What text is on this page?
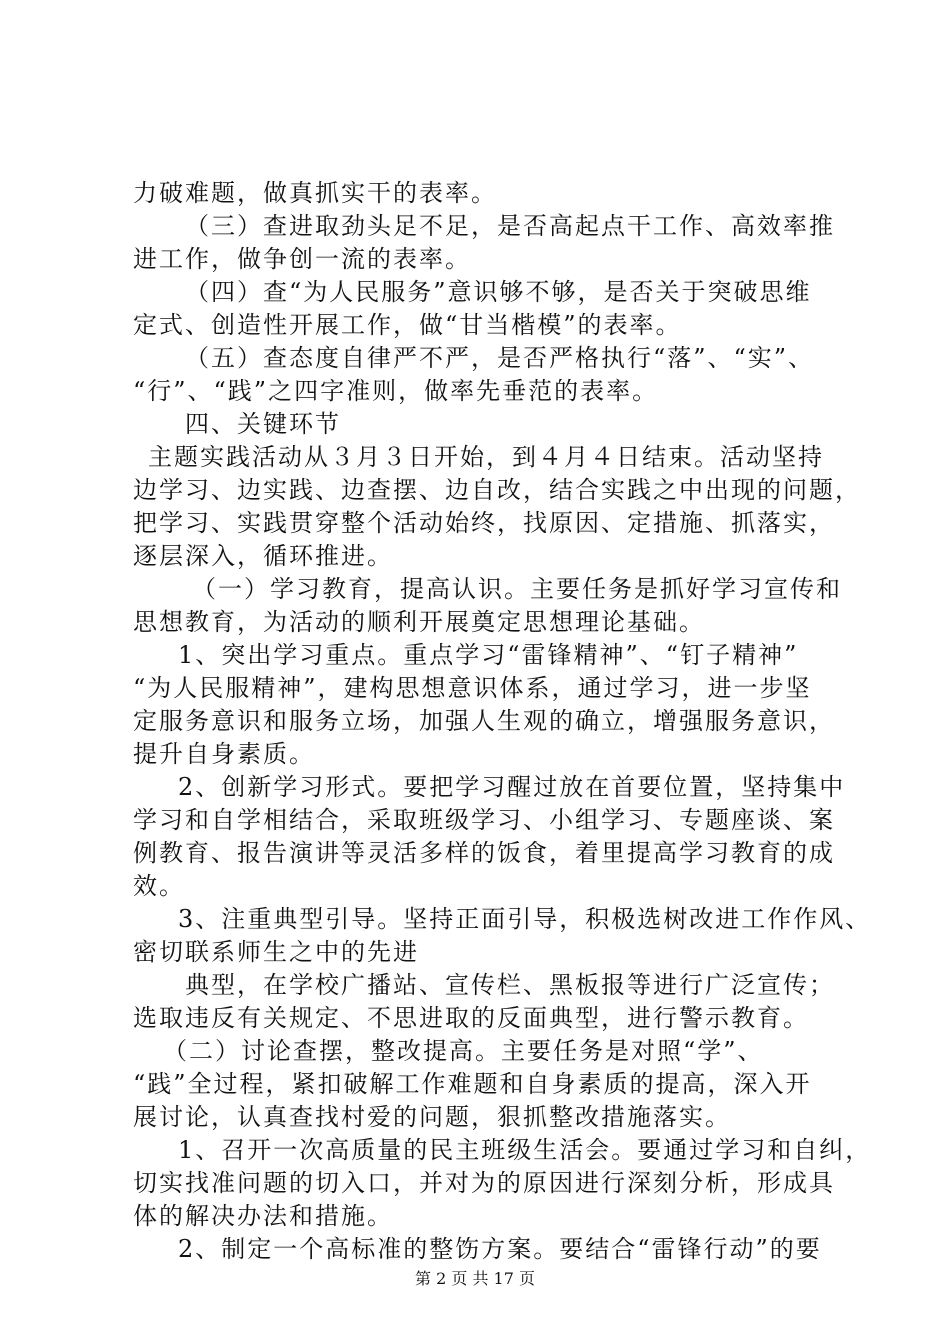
力破难题，做真抓实干的表率。
（三）查进取劲头足不足，是否高起点干工作、高效率推
进工作，做争创一流的表率。
（四）查“为人民服务”意识够不够，是否关于突破思维
定式、创造性开展工作，做“甘当楷模”的表率。
（五）查态度自律严不严，是否严格执行“落”、“实”、
“行”、“践”之四字准则，做率先垂范的表率。
四、关键环节
主题实践活动从３月３日开始，到４月４日结束。活动坚持
边学习、边实践、边查摆、边自改，结合实践之中出现的问题，
把学习、实践贯穿整个活动始终，找原因、定措施、抓落实，
逐层深入，循环推进。
（一）学习教育，提高认识。主要任务是抓好学习宣传和
思想教育，为活动的顺利开展奠定思想理论基础。
1、突出学习重点。重点学习“雷锋精神”、“钉子精神”
“为人民服精神”，建构思想意识体系，通过学习，进一步坚
定服务意识和服务立场，加强人生观的确立，增强服务意识，
提升自身素质。
2、创新学习形式。要把学习醒过放在首要位置，坚持集中
学习和自学相结合，采取班级学习、小组学习、专题座谈、案
例教育、报告演讲等灵活多样的饭食，着里提高学习教育的成
效。
3、注重典型引导。坚持正面引导，积极选树改进工作作风、
密切联系师生之中的先进
典型，在学校广播站、宣传栏、黑板报等进行广泛宣传；
选取违反有关规定、不思进取的反面典型，进行警示教育。
（二）讨论查摆，整改提高。主要任务是对照“学”、
“践”全过程，紧扣破解工作难题和自身素质的提高，深入开
展讨论，认真查找村爱的问题，狠抓整改措施落实。
1、召开一次高质量的民主班级生活会。要通过学习和自纠，
切实找准问题的切入口，并对为的原因进行深刻分析，形成具
体的解决办法和措施。
2、制定一个高标准的整饬方案。要结合“雷锋行动”的要
第 2 页 共 17 页
